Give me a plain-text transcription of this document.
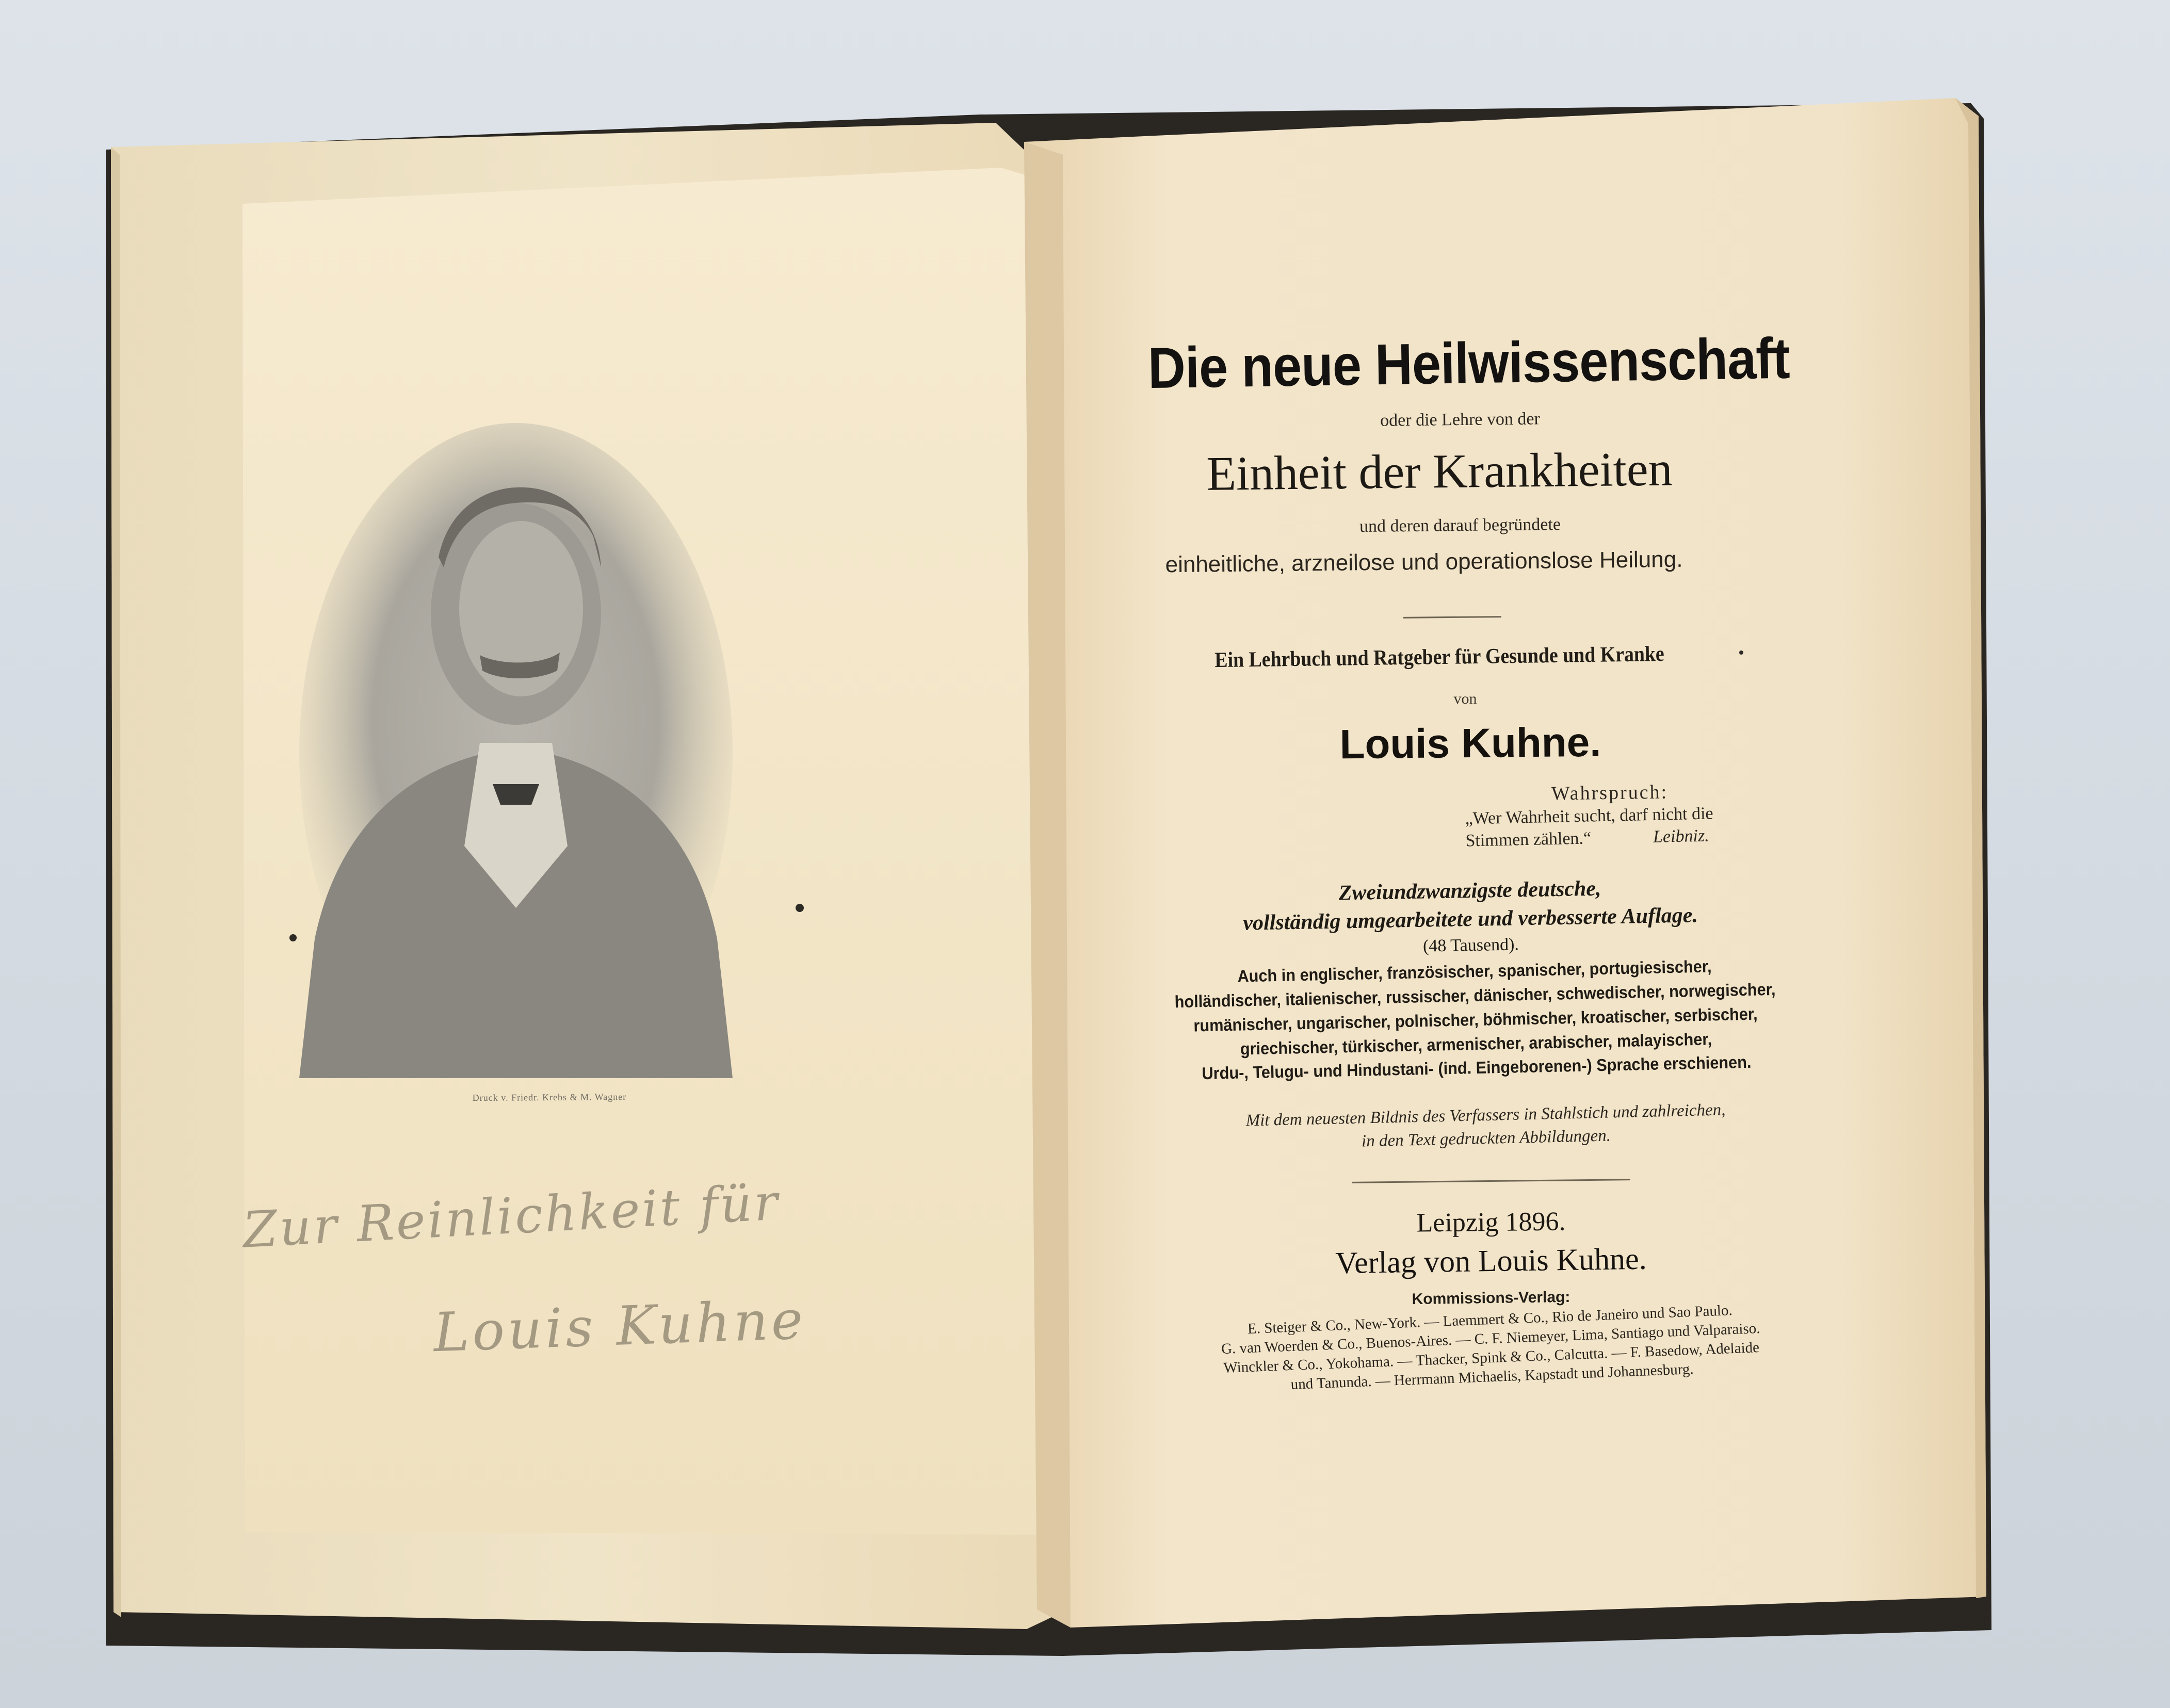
Druck v. Friedr. Krebs & M. Wagner
Zur Reinlichkeit für
Louis Kuhne
Die neue Heilwissenschaft
oder die Lehre von der
Einheit der Krankheiten
und deren darauf begründete
einheitliche, arzneilose und operationslose Heilung.
Ein Lehrbuch und Ratgeber für Gesunde und Kranke
von
Louis Kuhne.
Wahrspruch:
„Wer Wahrheit sucht, darf nicht die
Stimmen zählen.“	Leibniz.
Zweiundzwanzigste deutsche,
vollständig umgearbeitete und verbesserte Auflage.
(48 Tausend).
Auch in englischer, französischer, spanischer, portugiesischer,
holländischer, italienischer, russischer, dänischer, schwedischer, norwegischer,
rumänischer, ungarischer, polnischer, böhmischer, kroatischer, serbischer,
griechischer, türkischer, armenischer, arabischer, malayischer,
Urdu-, Telugu- und Hindustani- (ind. Eingeborenen-) Sprache erschienen.
Mit dem neuesten Bildnis des Verfassers in Stahlstich und zahlreichen,
in den Text gedruckten Abbildungen.
Leipzig 1896.
Verlag von Louis Kuhne.
Kommissions-Verlag:
E. Steiger & Co., New-York. — Laemmert & Co., Rio de Janeiro und Sao Paulo.
G. van Woerden & Co., Buenos-Aires. — C. F. Niemeyer, Lima, Santiago und Valparaiso.
Winckler & Co., Yokohama. — Thacker, Spink & Co., Calcutta. — F. Basedow, Adelaide
und Tanunda. — Herrmann Michaelis, Kapstadt und Johannesburg.
